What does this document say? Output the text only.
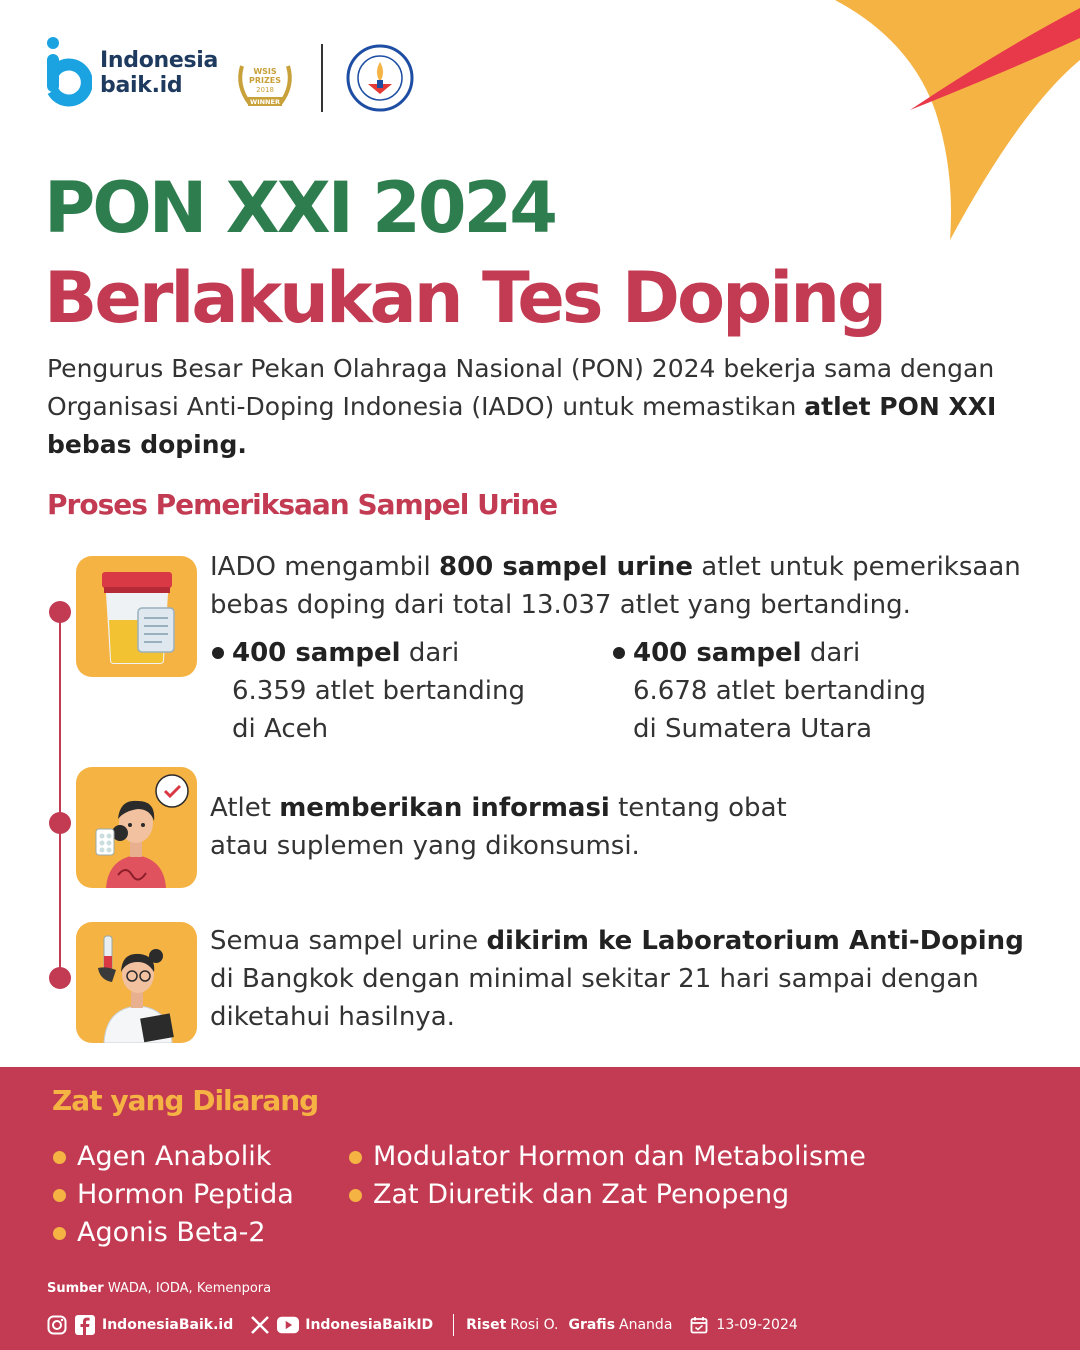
Indonesia
baik.id
WSIS
PRIZES
2018
WINNER
PON XXI 2024
Berlakukan Tes Doping
Pengurus Besar Pekan Olahraga Nasional (PON) 2024 bekerja sama dengan Organisasi Anti-Doping Indonesia (IADO) untuk memastikan atlet PON XXI bebas doping.
Proses Pemeriksaan Sampel Urine
IADO mengambil 800 sampel urine atlet untuk pemeriksaan bebas doping dari total 13.037 atlet yang bertanding.
400 sampel dari
6.359 atlet bertanding
di Aceh
400 sampel dari
6.678 atlet bertanding
di Sumatera Utara
Atlet memberikan informasi tentang obat
atau suplemen yang dikonsumsi.
Semua sampel urine dikirim ke Laboratorium Anti-Doping
di Bangkok dengan minimal sekitar 21 hari sampai dengan
diketahui hasilnya.
Zat yang Dilarang
Agen Anabolik
Hormon Peptida
Agonis Beta-2
Modulator Hormon dan Metabolisme
Zat Diuretik dan Zat Penopeng
Sumber WADA, IODA, Kemenpora
IndonesiaBaik.id	IndonesiaBaikID Riset Rosi O. Grafis Ananda	13-09-2024
